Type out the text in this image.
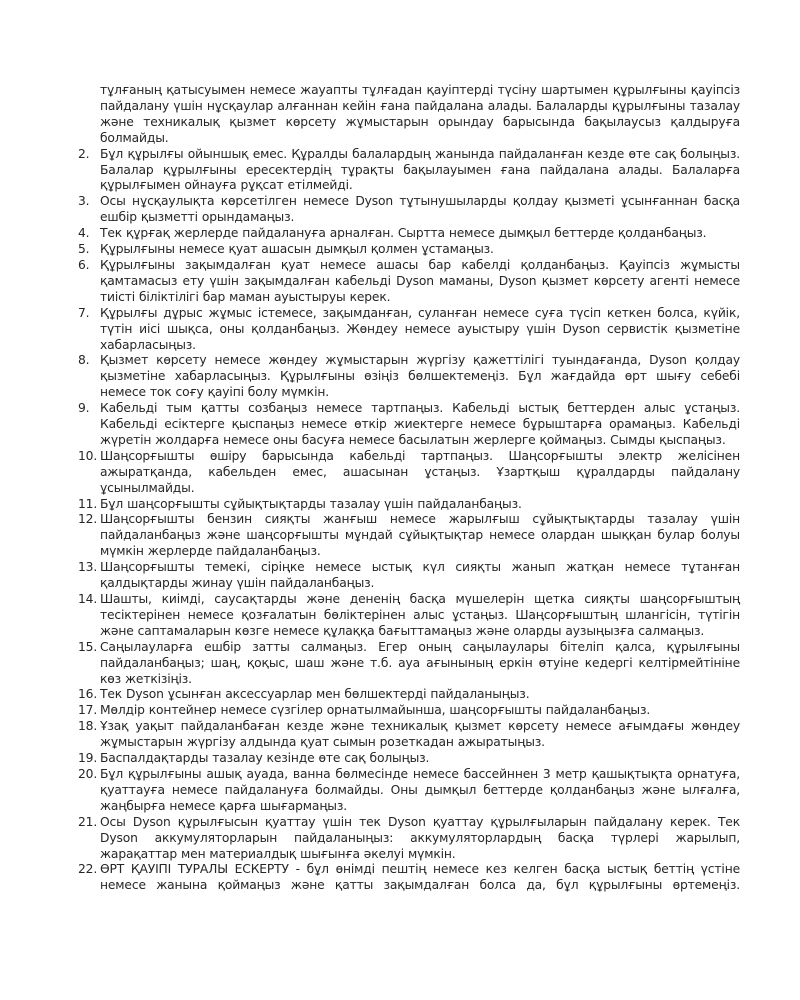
тұлғаның қатысуымен немесе жауапты тұлғадан қауіптерді түсіну шартымен құрылғыны қауіпсіз пайдалану үшін нұсқаулар алғаннан кейін ғана пайдалана алады. Балаларды құрылғыны тазалау және техникалық қызмет көрсету жұмыстарын орындау барысында бақылаусыз қалдыруға болмайды.
2. Бұл құрылғы ойыншық емес. Құралды балалардың жанында пайдаланған кезде өте сақ болыңыз. Балалар құрылғыны ересектердің тұрақты бақылауымен ғана пайдалана алады. Балаларға құрылғымен ойнауға рұқсат етілмейді.
3. Осы нұсқаулықта көрсетілген немесе Dyson тұтынушыларды қолдау қызметі ұсынғаннан басқа ешбір қызметті орындамаңыз.
4. Тек құрғақ жерлерде пайдалануға арналған. Сыртта немесе дымқыл беттерде қолданбаңыз.
5. Құрылғыны немесе қуат ашасын дымқыл қолмен ұстамаңыз.
6. Құрылғыны зақымдалған қуат немесе ашасы бар кабелді қолданбаңыз. Қауіпсіз жұмысты қамтамасыз ету үшін зақымдалған кабельді Dyson маманы, Dyson қызмет көрсету агенті немесе тиісті біліктілігі бар маман ауыстыруы керек.
7. Құрылғы дұрыс жұмыс істемесе, зақымданған, суланған немесе суға түсіп кеткен болса, күйік, түтін иісі шықса, оны қолданбаңыз. Жөндеу немесе ауыстыру үшін Dyson сервистік қызметіне хабарласыңыз.
8. Қызмет көрсету немесе жөндеу жұмыстарын жүргізу қажеттілігі туындағанда, Dyson қолдау қызметіне хабарласыңыз. Құрылғыны өзіңіз бөлшектемеңіз. Бұл жағдайда өрт шығу себебі немесе ток соғу қауіпі болу мүмкін.
9. Кабельді тым қатты созбаңыз немесе тартпаңыз. Кабельді ыстық беттерден алыс ұстаңыз. Кабельді есіктерге қыспаңыз немесе өткір жиектерге немесе бұрыштарға орамаңыз. Кабельді жүретін жолдарға немесе оны басуға немесе басылатын жерлерге қоймаңыз. Сымды қыспаңыз.
10. Шаңсорғышты өшіру барысында кабельді тартпаңыз. Шаңсорғышты электр желісінен ажыратқанда, кабельден емес, ашасынан ұстаңыз. Ұзартқыш құралдарды пайдалану ұсынылмайды.
11. Бұл шаңсорғышты сұйықтықтарды тазалау үшін пайдаланбаңыз.
12. Шаңсорғышты бензин сияқты жанғыш немесе жарылғыш сұйықтықтарды тазалау үшін пайдаланбаңыз және шаңсорғышты мұндай сұйықтықтар немесе олардан шыққан булар болуы мүмкін жерлерде пайдаланбаңыз.
13. Шаңсорғышты темекі, сіріңке немесе ыстық күл сияқты жанып жатқан немесе тұтанған қалдықтарды жинау үшін пайдаланбаңыз.
14. Шашты, киімді, саусақтарды және дененің басқа мүшелерін щетка сияқты шаңсорғыштың тесіктерінен немесе қозғалатын бөліктерінен алыс ұстаңыз. Шаңсорғыштың шлангісін, түтігін және саптамаларын көзге немесе құлаққа бағыттамаңыз және оларды аузыңызға салмаңыз.
15. Саңылауларға ешбір затты салмаңыз. Егер оның саңылаулары бітеліп қалса, құрылғыны пайдаланбаңыз; шаң, қоқыс, шаш және т.б. ауа ағынының еркін өтуіне кедергі келтірмейтініне көз жеткізіңіз.
16. Тек Dyson ұсынған аксессуарлар мен бөлшектерді пайдаланыңыз.
17. Мөлдір контейнер немесе сүзгілер орнатылмайынша, шаңсорғышты пайдаланбаңыз.
18. Ұзақ уақыт пайдаланбаған кезде және техникалық қызмет көрсету немесе ағымдағы жөндеу жұмыстарын жүргізу алдында қуат сымын розеткадан ажыратыңыз.
19. Баспалдақтарды тазалау кезінде өте сақ болыңыз.
20. Бұл құрылғыны ашық ауада, ванна бөлмесінде немесе бассейннен 3 метр қашықтықта орнатуға, қуаттауға немесе пайдалануға болмайды. Оны дымқыл беттерде қолданбаңыз және ылғалға, жаңбырға немесе қарға шығармаңыз.
21. Осы Dyson құрылғысын қуаттау үшін тек Dyson қуаттау құрылғыларын пайдалану керек. Тек Dyson аккумуляторларын пайдаланыңыз: аккумуляторлардың басқа түрлері жарылып, жарақаттар мен материалдық шығынға әкелуі мүмкін.
22. ӨРТ ҚАУІПІ ТУРАЛЫ ЕСКЕРТУ - бұл өнімді пештің немесе кез келген басқа ыстық беттің үстіне немесе жанына қоймаңыз және қатты зақымдалған болса да, бұл құрылғыны өртемеңіз.
